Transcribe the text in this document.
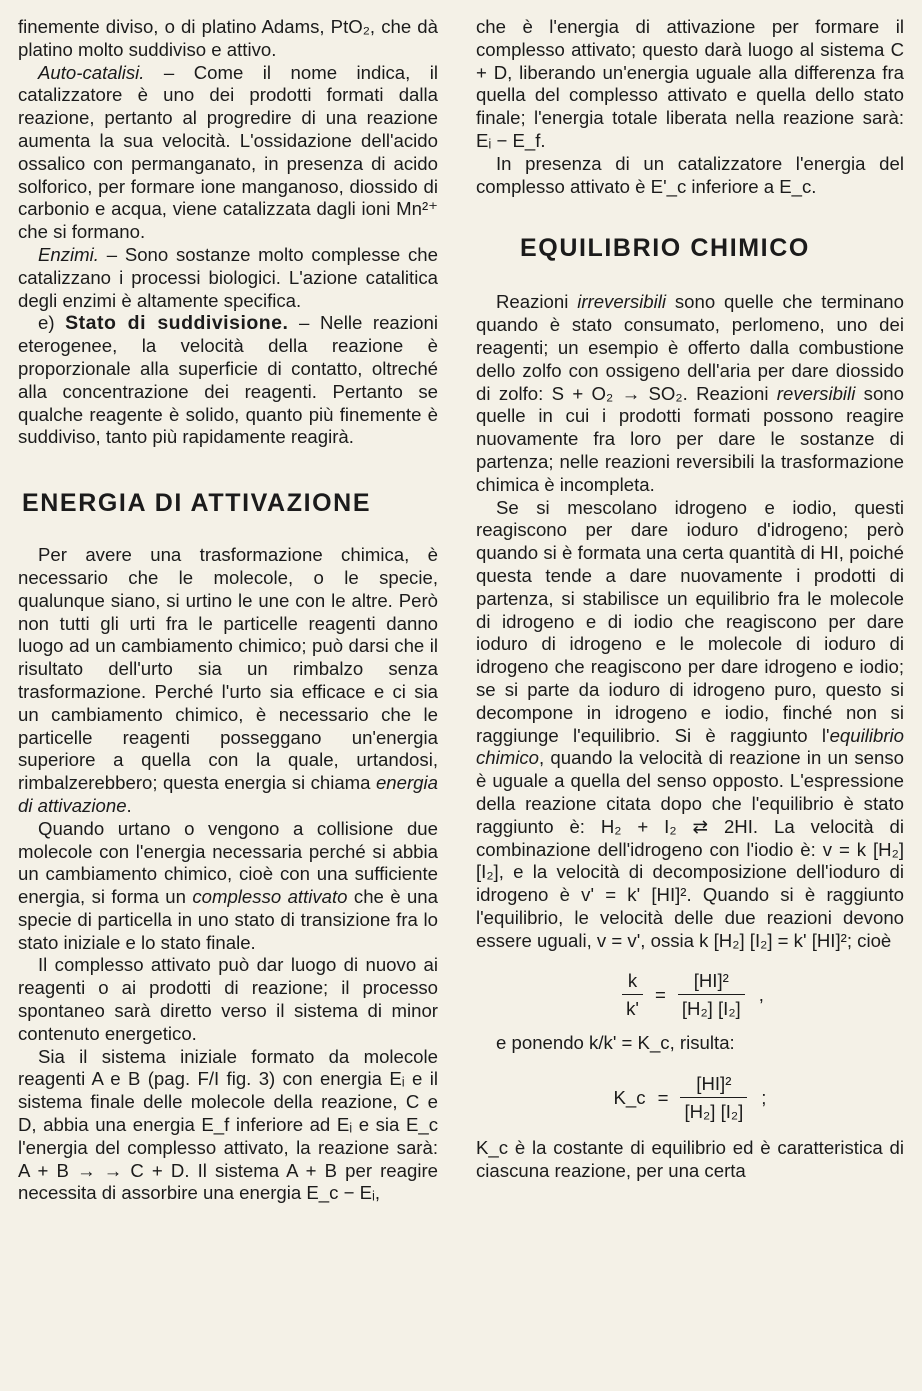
finemente diviso, o di platino Adams, PtO₂, che dà platino molto suddiviso e attivo.

Auto-catalisi. – Come il nome indica, il catalizzatore è uno dei prodotti formati dalla reazione, pertanto al progredire di una reazione aumenta la sua velocità. L'ossidazione dell'acido ossalico con permanganato, in presenza di acido solforico, per formare ione manganoso, diossido di carbonio e acqua, viene catalizzata dagli ioni Mn²⁺ che si formano.

Enzimi. – Sono sostanze molto complesse che catalizzano i processi biologici. L'azione catalitica degli enzimi è altamente specifica.

e) Stato di suddivisione. – Nelle reazioni eterogenee, la velocità della reazione è proporzionale alla superficie di contatto, oltreché alla concentrazione dei reagenti. Pertanto se qualche reagente è solido, quanto più finemente è suddiviso, tanto più rapidamente reagirà.

ENERGIA DI ATTIVAZIONE

Per avere una trasformazione chimica, è necessario che le molecole, o le specie, qualunque siano, si urtino le une con le altre. Però non tutti gli urti fra le particelle reagenti danno luogo ad un cambiamento chimico; può darsi che il risultato dell'urto sia un rimbalzo senza trasformazione. Perché l'urto sia efficace e ci sia un cambiamento chimico, è necessario che le particelle reagenti posseggano un'energia superiore a quella con la quale, urtandosi, rimbalzerebbero; questa energia si chiama energia di attivazione.

Quando urtano o vengono a collisione due molecole con l'energia necessaria perché si abbia un cambiamento chimico, cioè con una sufficiente energia, si forma un complesso attivato che è una specie di particella in uno stato di transizione fra lo stato iniziale e lo stato finale.

Il complesso attivato può dar luogo di nuovo ai reagenti o ai prodotti di reazione; il processo spontaneo sarà diretto verso il sistema di minor contenuto energetico.

Sia il sistema iniziale formato da molecole reagenti A e B (pag. F/I fig. 3) con energia Eᵢ e il sistema finale delle molecole della reazione, C e D, abbia una energia E_f inferiore ad Eᵢ e sia E_c l'energia del complesso attivato, la reazione sarà: A + B → → C + D. Il sistema A + B per reagire necessita di assorbire una energia E_c − Eᵢ,

che è l'energia di attivazione per formare il complesso attivato; questo darà luogo al sistema C + D, liberando un'energia uguale alla differenza fra quella del complesso attivato e quella dello stato finale; l'energia totale liberata nella reazione sarà: Eᵢ − E_f.

In presenza di un catalizzatore l'energia del complesso attivato è E'_c inferiore a E_c.

EQUILIBRIO CHIMICO

Reazioni irreversibili sono quelle che terminano quando è stato consumato, perlomeno, uno dei reagenti; un esempio è offerto dalla combustione dello zolfo con ossigeno dell'aria per dare diossido di zolfo: S + O₂ → SO₂. Reazioni reversibili sono quelle in cui i prodotti formati possono reagire nuovamente fra loro per dare le sostanze di partenza; nelle reazioni reversibili la trasformazione chimica è incompleta.

Se si mescolano idrogeno e iodio, questi reagiscono per dare ioduro d'idrogeno; però quando si è formata una certa quantità di HI, poiché questa tende a dare nuovamente i prodotti di partenza, si stabilisce un equilibrio fra le molecole di idrogeno e di iodio che reagiscono per dare ioduro di idrogeno e le molecole di ioduro di idrogeno che reagiscono per dare idrogeno e iodio; se si parte da ioduro di idrogeno puro, questo si decompone in idrogeno e iodio, finché non si raggiunge l'equilibrio. Si è raggiunto l'equilibrio chimico, quando la velocità di reazione in un senso è uguale a quella del senso opposto. L'espressione della reazione citata dopo che l'equilibrio è stato raggiunto è: H₂ + I₂ ⇄ 2HI. La velocità di combinazione dell'idrogeno con l'iodio è: v = k [H₂] [I₂], e la velocità di decomposizione dell'ioduro di idrogeno è v' = k' [HI]². Quando si è raggiunto l'equilibrio, le velocità delle due reazioni devono essere uguali, v = v', ossia k [H₂] [I₂] = k' [HI]²; cioè

$\frac{k}{k'} = \frac{\text{[HI]²}}{\text{[H₂] [I₂]}}$ ,

e ponendo k/k' = K_c, risulta:

K_c = $\frac{\text{[HI]²}}{\text{[H₂] [I₂]}}$ ;

K_c è la costante di equilibrio ed è caratteristica di ciascuna reazione, per una certa
